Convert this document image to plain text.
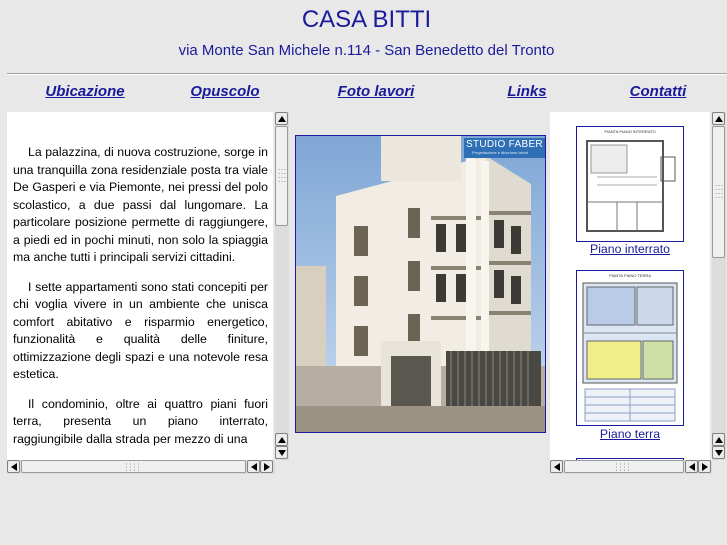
CASA BITTI
via Monte San Michele n.114 - San Benedetto del Tronto
Ubicazione	Opuscolo	Foto lavori	Links	Contatti

La palazzina, di nuova costruzione, sorge in una tranquilla zona residenziale posta tra viale De Gasperi e via Piemonte, nei pressi del polo scolastico, a due passi dal lungomare. La particolare posizione permette di raggiungere, a piedi ed in pochi minuti, non solo la spiaggia ma anche tutti i principali servizi cittadini.

I sette appartamenti sono stati concepiti per chi voglia vivere in un ambiente che unisca comfort abitativo e risparmio energetico, funzionalità e qualità delle finiture, ottimizzazione degli spazi e una notevole resa estetica.

Il condominio, oltre ai quattro piani fuori terra, presenta un piano interrato, raggiungibile dalla strada per mezzo di una

STUDIO FABER
Progettazione e direzione lavori
PIANTA PIANO INTERRATO
Piano interrato
PIANTA PIANO TERRA
Piano terra
